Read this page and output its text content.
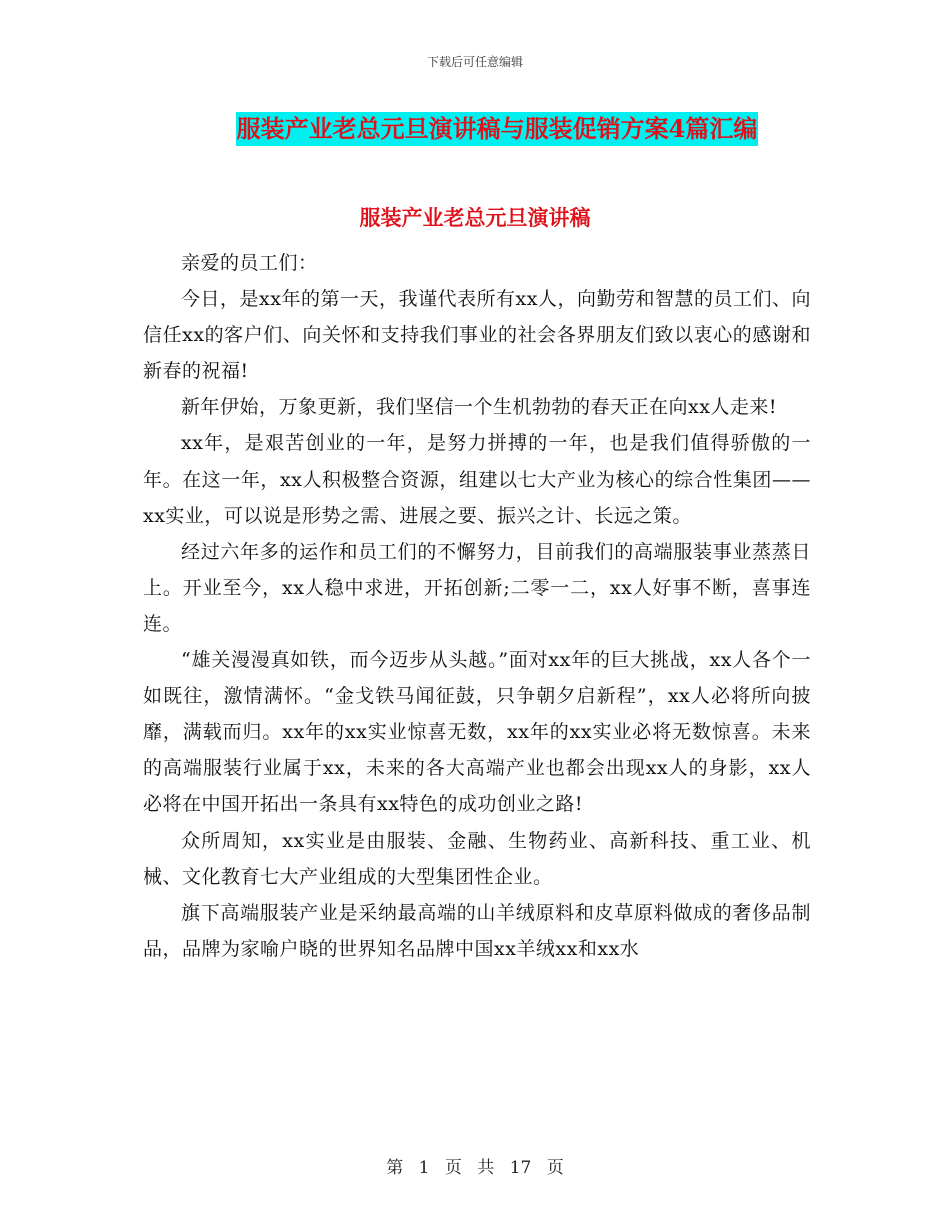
下载后可任意编辑
服装产业老总元旦演讲稿与服装促销方案4篇汇编
服装产业老总元旦演讲稿

亲爱的员工们：

今日，是xx年的第一天，我谨代表所有xx人，向勤劳和智慧的员工们、向信任xx的客户们、向关怀和支持我们事业的社会各界朋友们致以衷心的感谢和新春的祝福!

新年伊始，万象更新，我们坚信一个生机勃勃的春天正在向xx人走来!

xx年，是艰苦创业的一年，是努力拼搏的一年，也是我们值得骄傲的一年。在这一年，xx人积极整合资源，组建以七大产业为核心的综合性集团——xx实业，可以说是形势之需、进展之要、振兴之计、长远之策。

经过六年多的运作和员工们的不懈努力，目前我们的高端服装事业蒸蒸日上。开业至今，xx人稳中求进，开拓创新;二零一二，xx人好事不断，喜事连连。

“雄关漫漫真如铁，而今迈步从头越。”面对xx年的巨大挑战，xx人各个一如既往，激情满怀。“金戈铁马闻征鼓，只争朝夕启新程”，xx人必将所向披靡，满载而归。xx年的xx实业惊喜无数，xx年的xx实业必将无数惊喜。未来的高端服装行业属于xx，未来的各大高端产业也都会出现xx人的身影，xx人必将在中国开拓出一条具有xx特色的成功创业之路!

众所周知，xx实业是由服装、金融、生物药业、高新科技、重工业、机械、文化教育七大产业组成的大型集团性企业。

旗下高端服装产业是采纳最高端的山羊绒原料和皮草原料做成的奢侈品制品，品牌为家喻户晓的世界知名品牌中国xx羊绒xx和xx水

第 1 页 共 17 页
